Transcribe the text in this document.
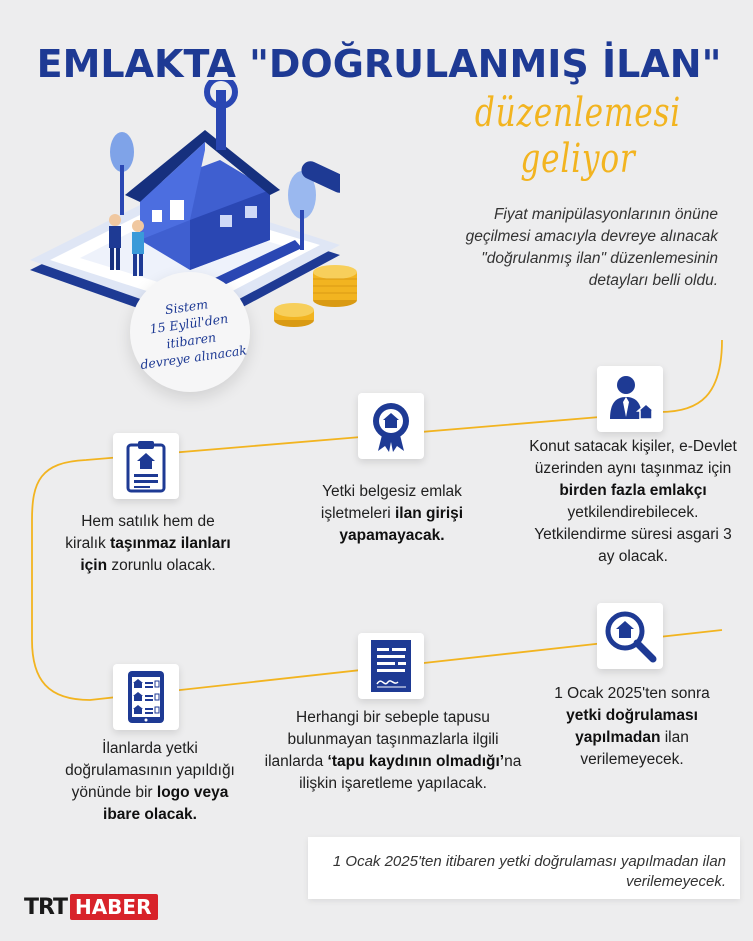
EMLAKTA "DOĞRULANMIŞ İLAN"
düzenlemesi geliyor
Fiyat manipülasyonlarının önüne geçilmesi amacıyla devreye alınacak "doğrulanmış ilan" düzenlemesinin detayları belli oldu.
Sistem
15 Eylül'den itibaren
devreye alınacak
Konut satacak kişiler, e-Devlet üzerinden aynı taşınmaz için birden fazla emlakçı yetkilendirebilecek. Yetkilendirme süresi asgari 3 ay olacak.
Yetki belgesiz emlak işletmeleri ilan girişi yapamayacak.
Hem satılık hem de kiralık taşınmaz ilanları için zorunlu olacak.
1 Ocak 2025'ten sonra yetki doğrulaması yapılmadan ilan verilemeyecek.
Herhangi bir sebeple tapusu bulunmayan taşınmazlarla ilgili ilanlarda ‘tapu kaydının olmadığı’na ilişkin işaretleme yapılacak.
İlanlarda yetki doğrulamasının yapıldığı yönünde bir logo veya ibare olacak.
1 Ocak 2025'ten itibaren yetki doğrulaması yapılmadan ilan verilemeyecek.
TRT HABER
